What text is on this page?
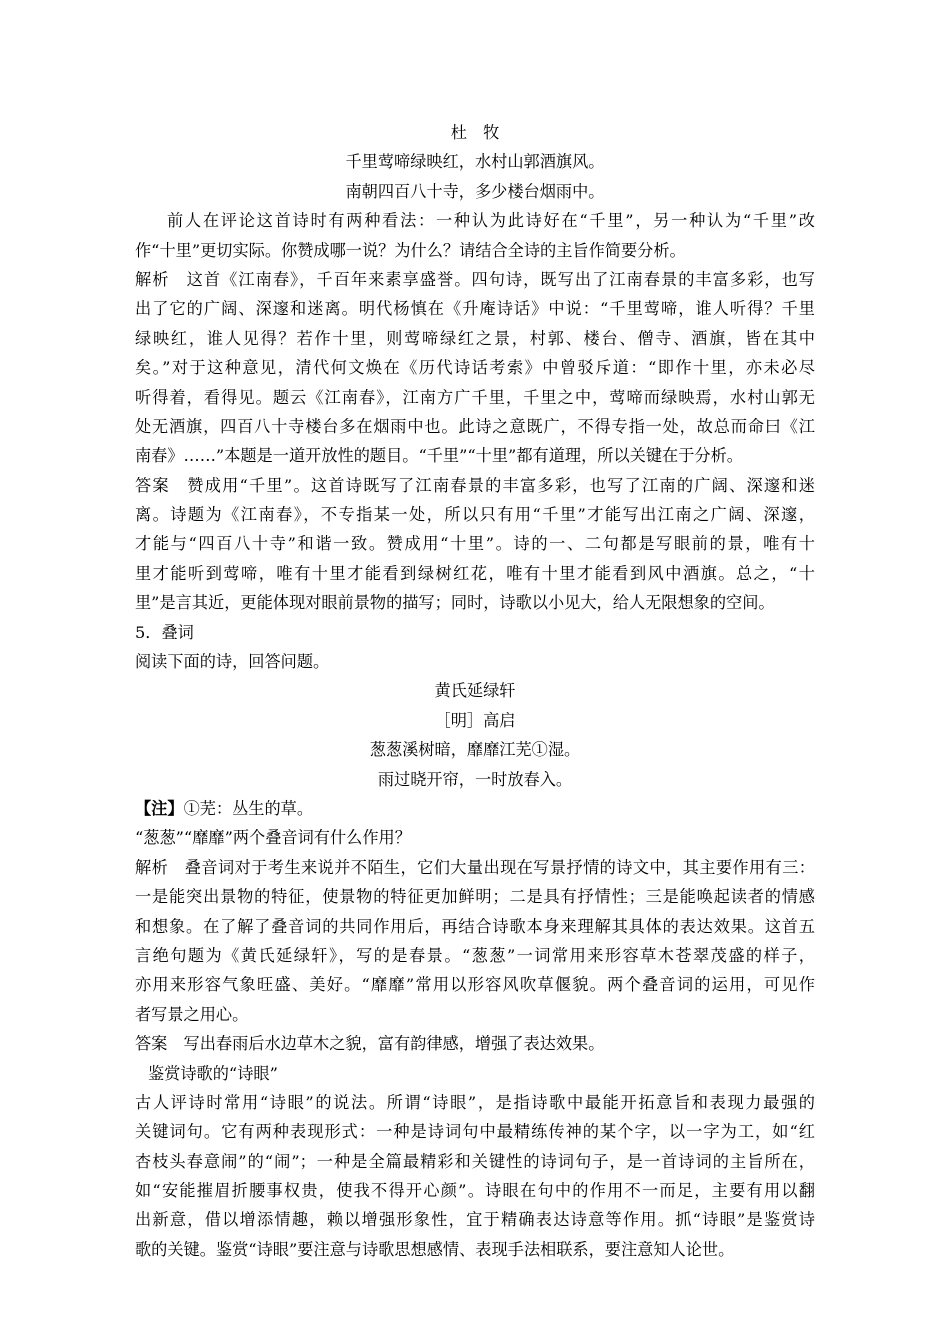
杜　牧
千里莺啼绿映红，水村山郭酒旗风。
南朝四百八十寺，多少楼台烟雨中。
前人在评论这首诗时有两种看法：一种认为此诗好在“千里”，另一种认为“千里”改
作“十里”更切实际。你赞成哪一说？为什么？请结合全诗的主旨作简要分析。
解析　这首《江南春》，千百年来素享盛誉。四句诗，既写出了江南春景的丰富多彩，也写
出了它的广阔、深邃和迷离。明代杨慎在《升庵诗话》中说：“千里莺啼，谁人听得？千里
绿映红，谁人见得？若作十里，则莺啼绿红之景，村郭、楼台、僧寺、酒旗，皆在其中
矣。”对于这种意见，清代何文焕在《历代诗话考索》中曾驳斥道：“即作十里，亦未必尽
听得着，看得见。题云《江南春》，江南方广千里，千里之中，莺啼而绿映焉，水村山郭无
处无酒旗，四百八十寺楼台多在烟雨中也。此诗之意既广，不得专指一处，故总而命曰《江
南春》……”本题是一道开放性的题目。“千里”“十里”都有道理，所以关键在于分析。
答案　赞成用“千里”。这首诗既写了江南春景的丰富多彩，也写了江南的广阔、深邃和迷
离。诗题为《江南春》，不专指某一处，所以只有用“千里”才能写出江南之广阔、深邃，
才能与“四百八十寺”和谐一致。赞成用“十里”。诗的一、二句都是写眼前的景，唯有十
里才能听到莺啼，唯有十里才能看到绿树红花，唯有十里才能看到风中酒旗。总之，“十
里”是言其近，更能体现对眼前景物的描写；同时，诗歌以小见大，给人无限想象的空间。
5．叠词
阅读下面的诗，回答问题。
黄氏延绿轩
［明］高启
葱葱溪树暗，靡靡江芜①湿。
雨过晓开帘，一时放春入。
【注】①芜：丛生的草。
“葱葱”“靡靡”两个叠音词有什么作用？
解析　叠音词对于考生来说并不陌生，它们大量出现在写景抒情的诗文中，其主要作用有三：
一是能突出景物的特征，使景物的特征更加鲜明；二是具有抒情性；三是能唤起读者的情感
和想象。在了解了叠音词的共同作用后，再结合诗歌本身来理解其具体的表达效果。这首五
言绝句题为《黄氏延绿轩》，写的是春景。“葱葱”一词常用来形容草木苍翠茂盛的样子，
亦用来形容气象旺盛、美好。“靡靡”常用以形容风吹草偃貌。两个叠音词的运用，可见作
者写景之用心。
答案　写出春雨后水边草木之貌，富有韵律感，增强了表达效果。
鉴赏诗歌的“诗眼”
古人评诗时常用“诗眼”的说法。所谓“诗眼”，是指诗歌中最能开拓意旨和表现力最强的
关键词句。它有两种表现形式：一种是诗词句中最精练传神的某个字，以一字为工，如“红
杏枝头春意闹”的“闹”；一种是全篇最精彩和关键性的诗词句子，是一首诗词的主旨所在，
如“安能摧眉折腰事权贵，使我不得开心颜”。诗眼在句中的作用不一而足，主要有用以翻
出新意，借以增添情趣，赖以增强形象性，宜于精确表达诗意等作用。抓“诗眼”是鉴赏诗
歌的关键。鉴赏“诗眼”要注意与诗歌思想感情、表现手法相联系，要注意知人论世。
